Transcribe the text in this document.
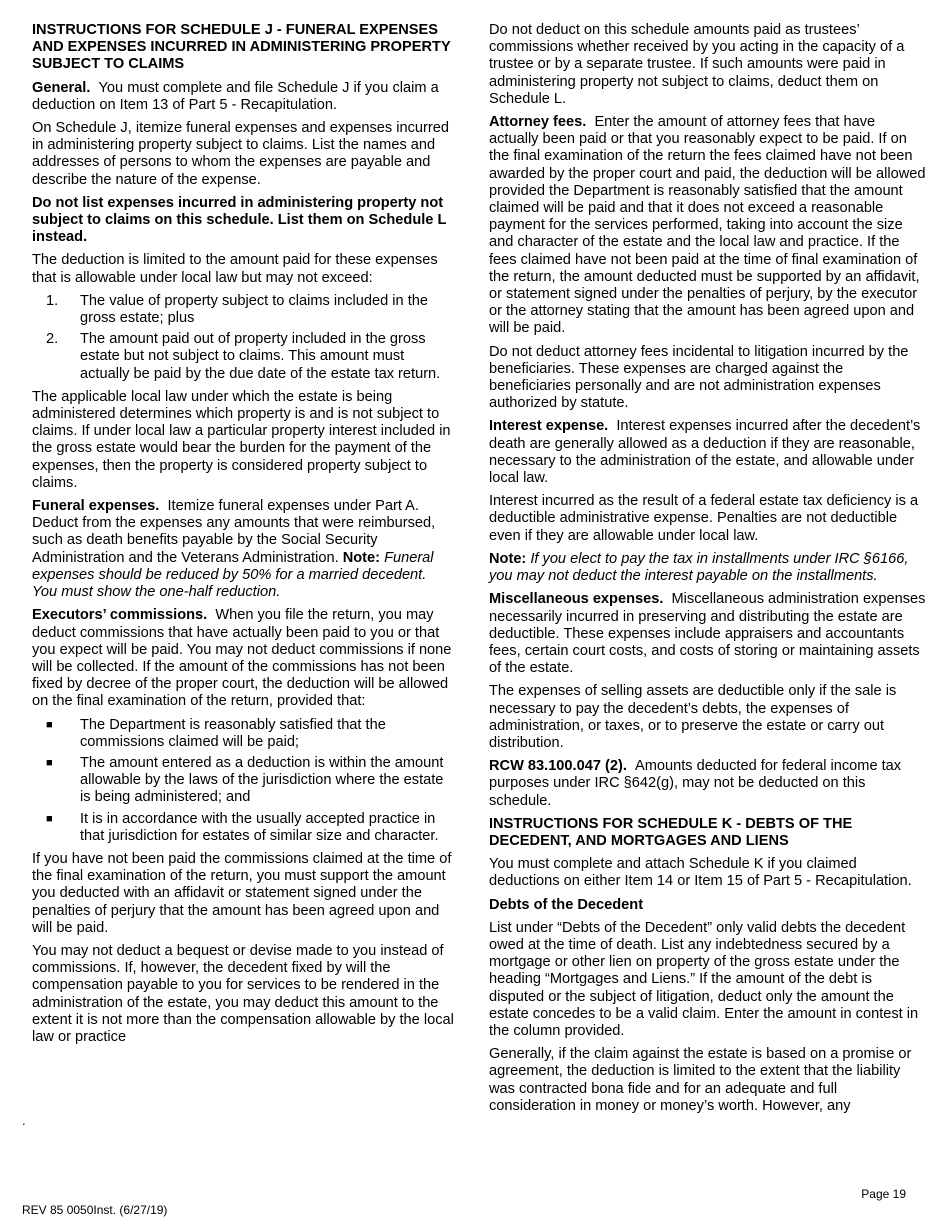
INSTRUCTIONS FOR SCHEDULE J - FUNERAL EXPENSES AND EXPENSES INCURRED IN ADMINISTERING PROPERTY SUBJECT TO CLAIMS

General. You must complete and file Schedule J if you claim a deduction on Item 13 of Part 5 - Recapitulation.

On Schedule J, itemize funeral expenses and expenses incurred in administering property subject to claims. List the names and addresses of persons to whom the expenses are payable and describe the nature of the expense.

Do not list expenses incurred in administering property not subject to claims on this schedule. List them on Schedule L instead.

The deduction is limited to the amount paid for these expenses that is allowable under local law but may not exceed:

1. The value of property subject to claims included in the gross estate; plus
2. The amount paid out of property included in the gross estate but not subject to claims. This amount must actually be paid by the due date of the estate tax return.

The applicable local law under which the estate is being administered determines which property is and is not subject to claims. If under local law a particular property interest included in the gross estate would bear the burden for the payment of the expenses, then the property is considered property subject to claims.

Funeral expenses. Itemize funeral expenses under Part A. Deduct from the expenses any amounts that were reimbursed, such as death benefits payable by the Social Security Administration and the Veterans Administration. Note: Funeral expenses should be reduced by 50% for a married decedent. You must show the one-half reduction.

Executors’ commissions. When you file the return, you may deduct commissions that have actually been paid to you or that you expect will be paid. You may not deduct commissions if none will be collected. If the amount of the commissions has not been fixed by decree of the proper court, the deduction will be allowed on the final examination of the return, provided that:

■ The Department is reasonably satisfied that the commissions claimed will be paid;
■ The amount entered as a deduction is within the amount allowable by the laws of the jurisdiction where the estate is being administered; and
■ It is in accordance with the usually accepted practice in that jurisdiction for estates of similar size and character.

If you have not been paid the commissions claimed at the time of the final examination of the return, you must support the amount you deducted with an affidavit or statement signed under the penalties of perjury that the amount has been agreed upon and will be paid.

You may not deduct a bequest or devise made to you instead of commissions. If, however, the decedent fixed by will the compensation payable to you for services to be rendered in the administration of the estate, you may deduct this amount to the extent it is not more than the compensation allowable by the local law or practice

Do not deduct on this schedule amounts paid as trustees’ commissions whether received by you acting in the capacity of a trustee or by a separate trustee. If such amounts were paid in administering property not subject to claims, deduct them on Schedule L.

Attorney fees. Enter the amount of attorney fees that have actually been paid or that you reasonably expect to be paid. If on the final examination of the return the fees claimed have not been awarded by the proper court and paid, the deduction will be allowed provided the Department is reasonably satisfied that the amount claimed will be paid and that it does not exceed a reasonable payment for the services performed, taking into account the size and character of the estate and the local law and practice. If the fees claimed have not been paid at the time of final examination of the return, the amount deducted must be supported by an affidavit, or statement signed under the penalties of perjury, by the executor or the attorney stating that the amount has been agreed upon and will be paid.

Do not deduct attorney fees incidental to litigation incurred by the beneficiaries. These expenses are charged against the beneficiaries personally and are not administration expenses authorized by statute.

Interest expense. Interest expenses incurred after the decedent’s death are generally allowed as a deduction if they are reasonable, necessary to the administration of the estate, and allowable under local law.

Interest incurred as the result of a federal estate tax deficiency is a deductible administrative expense. Penalties are not deductible even if they are allowable under local law.

Note: If you elect to pay the tax in installments under IRC §6166, you may not deduct the interest payable on the installments.

Miscellaneous expenses. Miscellaneous administration expenses necessarily incurred in preserving and distributing the estate are deductible. These expenses include appraisers and accountants fees, certain court costs, and costs of storing or maintaining assets of the estate.

The expenses of selling assets are deductible only if the sale is necessary to pay the decedent’s debts, the expenses of administration, or taxes, or to preserve the estate or carry out distribution.

RCW 83.100.047 (2). Amounts deducted for federal income tax purposes under IRC §642(g), may not be deducted on this schedule.

INSTRUCTIONS FOR SCHEDULE K - DEBTS OF THE DECEDENT, AND MORTGAGES AND LIENS

You must complete and attach Schedule K if you claimed deductions on either Item 14 or Item 15 of Part 5 - Recapitulation.

Debts of the Decedent

List under “Debts of the Decedent” only valid debts the decedent owed at the time of death. List any indebtedness secured by a mortgage or other lien on property of the gross estate under the heading “Mortgages and Liens.” If the amount of the debt is disputed or the subject of litigation, deduct only the amount the estate concedes to be a valid claim. Enter the amount in contest in the column provided.

Generally, if the claim against the estate is based on a promise or agreement, the deduction is limited to the extent that the liability was contracted bona fide and for an adequate and full consideration in money or money’s worth. However, any

.
REV 85 0050Inst. (6/27/19)
Page 19
